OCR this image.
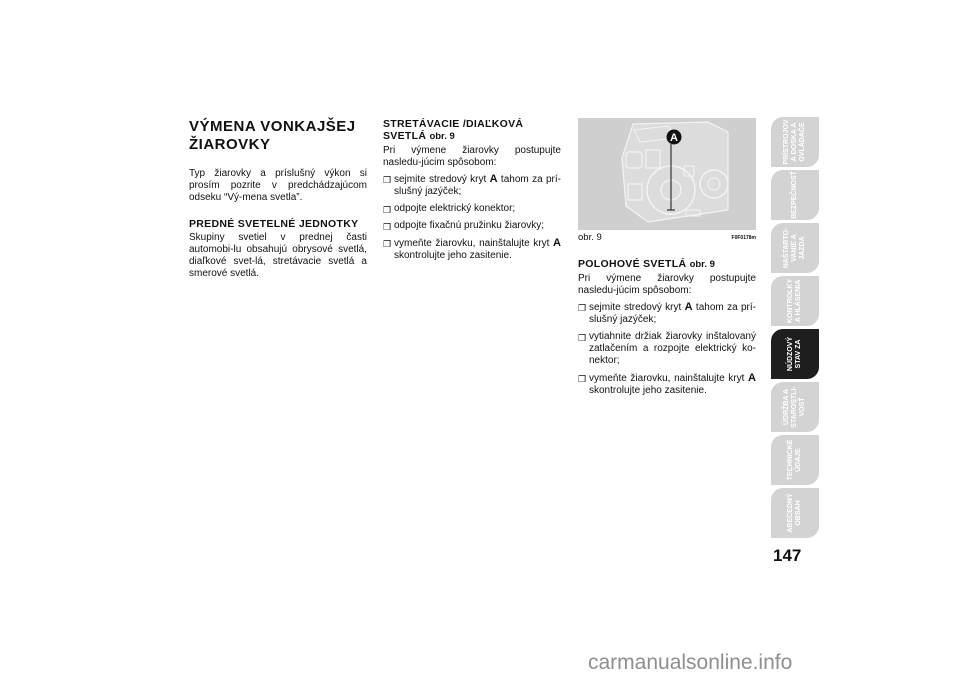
VÝMENA VONKAJŠEJ ŽIAROVKY

Typ žiarovky a príslušný výkon si prosím pozrite v predchádzajúcom odseku “Vý-mena svetla”.

PREDNÉ SVETELNÉ JEDNOTKY

Skupiny svetiel v prednej časti automobi-lu obsahujú obrysové svetlá, diaľkové svet-lá, stretávacie svetlá a smerové svetlá.

STRETÁVACIE /DIAĽKOVÁ SVETLÁ obr. 9

Pri výmene žiarovky postupujte nasledu-júcim spôsobom:

❒ sejmite stredový kryt A tahom za prí-slušný jazýček;
❒ odpojte elektrický konektor;
❒ odpojte fixačnú pružinku žiarovky;
❒ vymeňte žiarovku, nainštalujte kryt A skontrolujte jeho zasitenie.
A
obr. 9	F0F0178m
POLOHOVÉ SVETLÁ obr. 9

Pri výmene žiarovky postupujte nasledu-júcim spôsobom:

❒ sejmite stredový kryt A tahom za prí-slušný jazýček;
❒ vytiahnite držiak žiarovky inštalovaný zatlačením a rozpojte elektrický ko-nektor;
❒ vymeňte žiarovku, nainštalujte kryt A skontrolujte jeho zasitenie.
PRÍSTROJOV
Á DOSKA A
OVLÁDAČE
BEZPEČNOSŤ
NAŠTARTO-
VANIE A
JAZDA
KONTROLKY
A HLÁSENIA
NÚDZOVÝ
STAV ZA
ÚDRŽBA A
STAROSTLI-
VOSŤ
TECHNICKÉ
ÚDAJE
ABECEDNÝ
OBSAH
147
carmanualsonline.info
